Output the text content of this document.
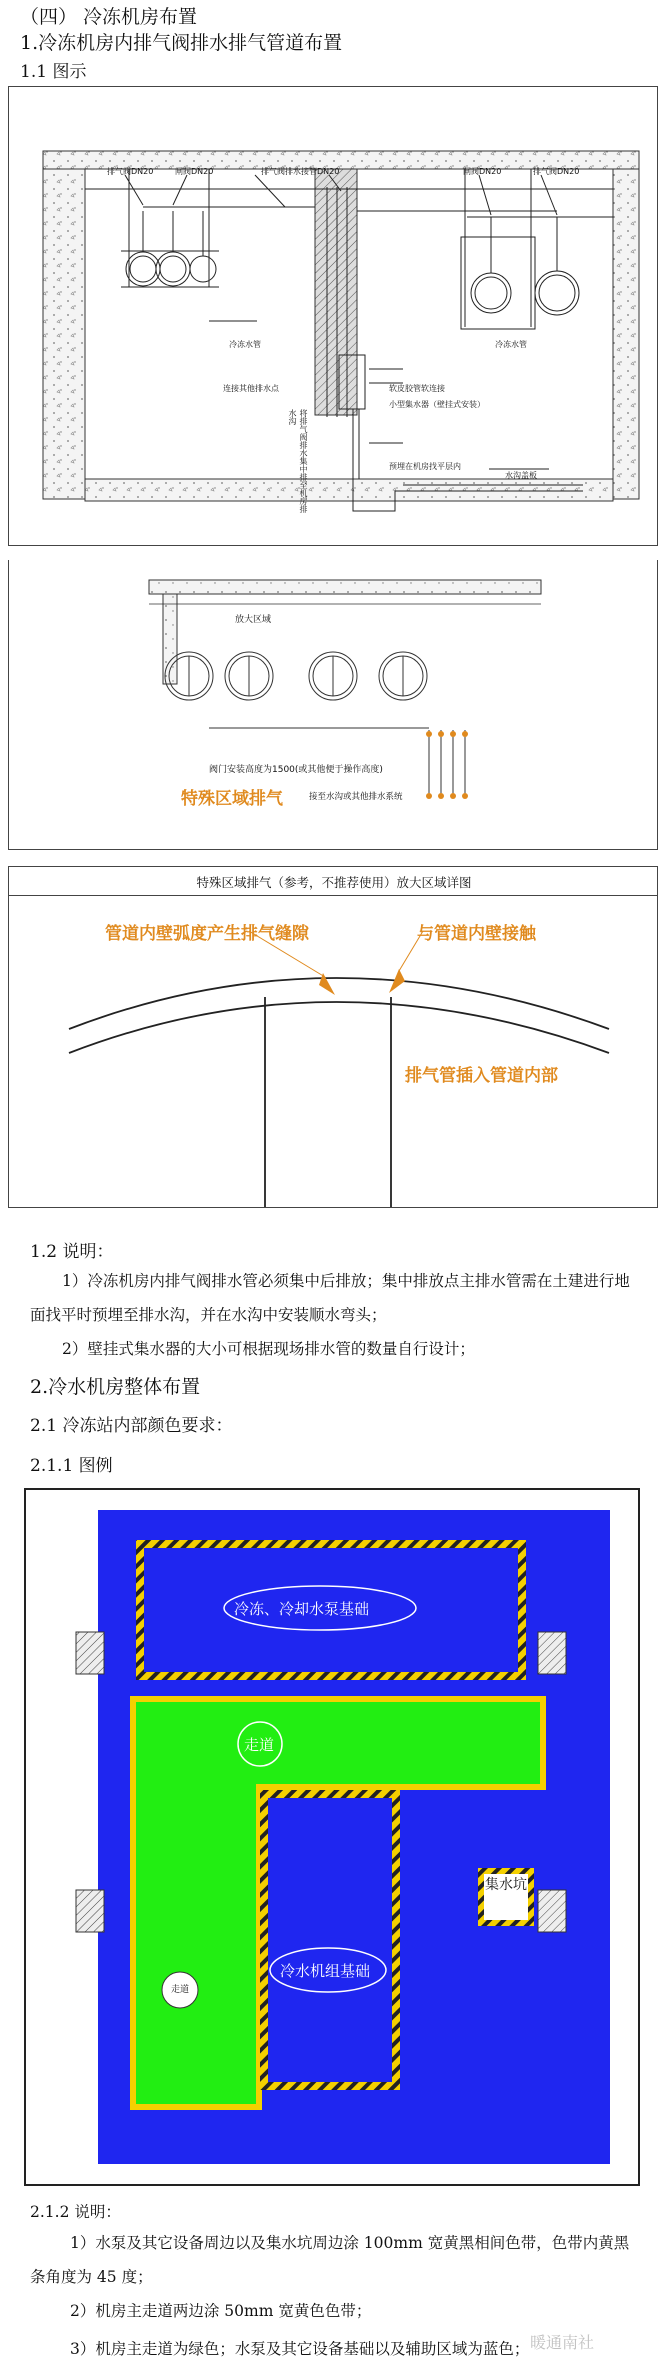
（四） 冷冻机房布置
1.冷冻机房内排气阀排水排气管道布置
1.1 图示
排气阀DN20	闸阀DN20	排气阀排水接管DN20	闸阀DN20	排气阀DN20
冷冻水管	冷冻水管
连接其他排水点	软皮胶管软连接
小型集水器（壁挂式安装）
预埋在机房找平层内
水沟盖板
将排气阀排水集中排至机房排水沟
放大区域
阀门安装高度为1500(或其他便于操作高度)
特殊区域排气	接至水沟或其他排水系统
特殊区域排气（参考，不推荐使用）放大区域详图
管道内壁弧度产生排气缝隙	与管道内壁接触
排气管插入管道内部
1.2 说明：
1）冷冻机房内排气阀排水管必须集中后排放；集中排放点主排水管需在土建进行地面找平时预埋至排水沟，并在水沟中安装顺水弯头；
2）壁挂式集水器的大小可根据现场排水管的数量自行设计；
2.冷水机房整体布置
2.1 冷冻站内部颜色要求：
2.1.1 图例
冷冻、冷却水泵基础
走道
冷水机组基础
集水坑
走道
2.1.2 说明：
1）水泵及其它设备周边以及集水坑周边涂 100mm 宽黄黑相间色带，色带内黄黑条角度为 45 度；
2）机房主走道两边涂 50mm 宽黄色色带；
3）机房主走道为绿色；水泵及其它设备基础以及辅助区域为蓝色； 暖通南社
